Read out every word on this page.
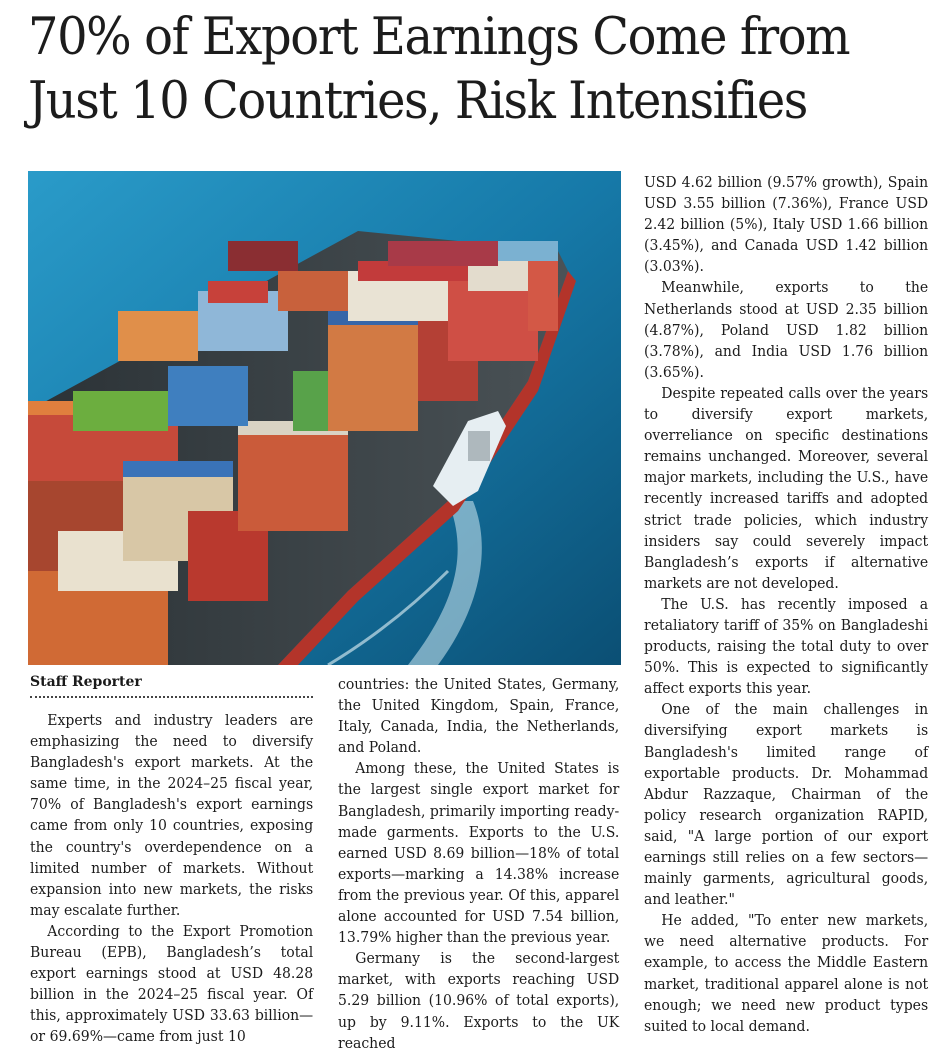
70% of Export Earnings Come from Just 10 Countries, Risk Intensifies

Staff Reporter

Experts and industry leaders are emphasizing the need to diversify Bangladesh's export markets. At the same time, in the 2024–25 fiscal year, 70% of Bangladesh's export earnings came from only 10 countries, exposing the country's overdependence on a limited number of markets. Without expansion into new markets, the risks may escalate further.

According to the Export Promotion Bureau (EPB), Bangladesh’s total export earnings stood at USD 48.28 billion in the 2024–25 fiscal year. Of this, approximately USD 33.63 billion—or 69.69%—came from just 10

countries: the United States, Germany, the United Kingdom, Spain, France, Italy, Canada, India, the Netherlands, and Poland.

Among these, the United States is the largest single export market for Bangladesh, primarily importing ready-made garments. Exports to the U.S. earned USD 8.69 billion—18% of total exports—marking a 14.38% increase from the previous year. Of this, apparel alone accounted for USD 7.54 billion, 13.79% higher than the previous year.

Germany is the second-largest market, with exports reaching USD 5.29 billion (10.96% of total exports), up by 9.11%. Exports to the UK reached

USD 4.62 billion (9.57% growth), Spain USD 3.55 billion (7.36%), France USD 2.42 billion (5%), Italy USD 1.66 billion (3.45%), and Canada USD 1.42 billion (3.03%).

Meanwhile, exports to the Netherlands stood at USD 2.35 billion (4.87%), Poland USD 1.82 billion (3.78%), and India USD 1.76 billion (3.65%).

Despite repeated calls over the years to diversify export markets, overreliance on specific destinations remains unchanged. Moreover, several major markets, including the U.S., have recently increased tariffs and adopted strict trade policies, which industry insiders say could severely impact Bangladesh’s exports if alternative markets are not developed.

The U.S. has recently imposed a retaliatory tariff of 35% on Bangladeshi products, raising the total duty to over 50%. This is expected to significantly affect exports this year.

One of the main challenges in diversifying export markets is Bangladesh's limited range of exportable products. Dr. Mohammad Abdur Razzaque, Chairman of the policy research organization RAPID, said, "A large portion of our export earnings still relies on a few sectors—mainly garments, agricultural goods, and leather."

He added, "To enter new markets, we need alternative products. For example, to access the Middle Eastern market, traditional apparel alone is not enough; we need new product types suited to local demand.
